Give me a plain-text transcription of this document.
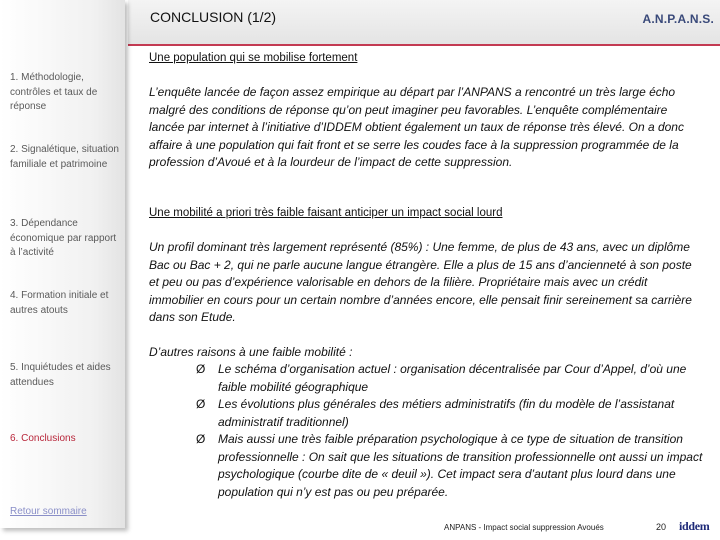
CONCLUSION (1/2)	A.N.P.A.N.S.
1. Méthodologie, contrôles et taux de réponse
2. Signalétique, situation familiale et patrimoine
3. Dépendance économique par rapport à l’activité
4. Formation initiale et autres atouts
5. Inquiétudes et aides attendues
6. Conclusions
Retour sommaire
Une population qui se mobilise fortement
L’enquête lancée de façon assez empirique au départ par l’ANPANS a rencontré un très large écho malgré des conditions de réponse qu’on peut imaginer peu favorables. L’enquête complémentaire lancée par internet à l’initiative d’IDDEM obtient également un taux de réponse très élevé. On a donc affaire à une population qui fait front et se serre les coudes face à la suppression programmée de la profession d’Avoué et à la lourdeur de l’impact de cette suppression.
Une mobilité a priori très faible faisant anticiper un impact social lourd
Un profil dominant très largement représenté (85%) : Une femme, de plus de 43 ans, avec un diplôme Bac ou Bac + 2, qui ne parle aucune langue étrangère. Elle a plus de 15 ans d’ancienneté à son poste et peu ou pas d’expérience valorisable en dehors de la filière. Propriétaire mais avec un crédit immobilier en cours pour un certain nombre d’années encore, elle pensait finir sereinement sa carrière dans son Etude.
D’autres raisons à une faible mobilité :
Ø Le schéma d’organisation actuel : organisation décentralisée par Cour d’Appel, d’où une faible mobilité géographique
Ø Les évolutions plus générales des métiers administratifs (fin du modèle de l’assistanat administratif traditionnel)
Ø Mais aussi une très faible préparation psychologique à ce type de situation de transition professionnelle : On sait que les situations de transition professionnelle ont aussi un impact psychologique (courbe dite de « deuil »). Cet impact sera d’autant plus lourd dans une population qui n’y est pas ou peu préparée.
ANPANS - Impact social suppression Avoués	20 iddem
